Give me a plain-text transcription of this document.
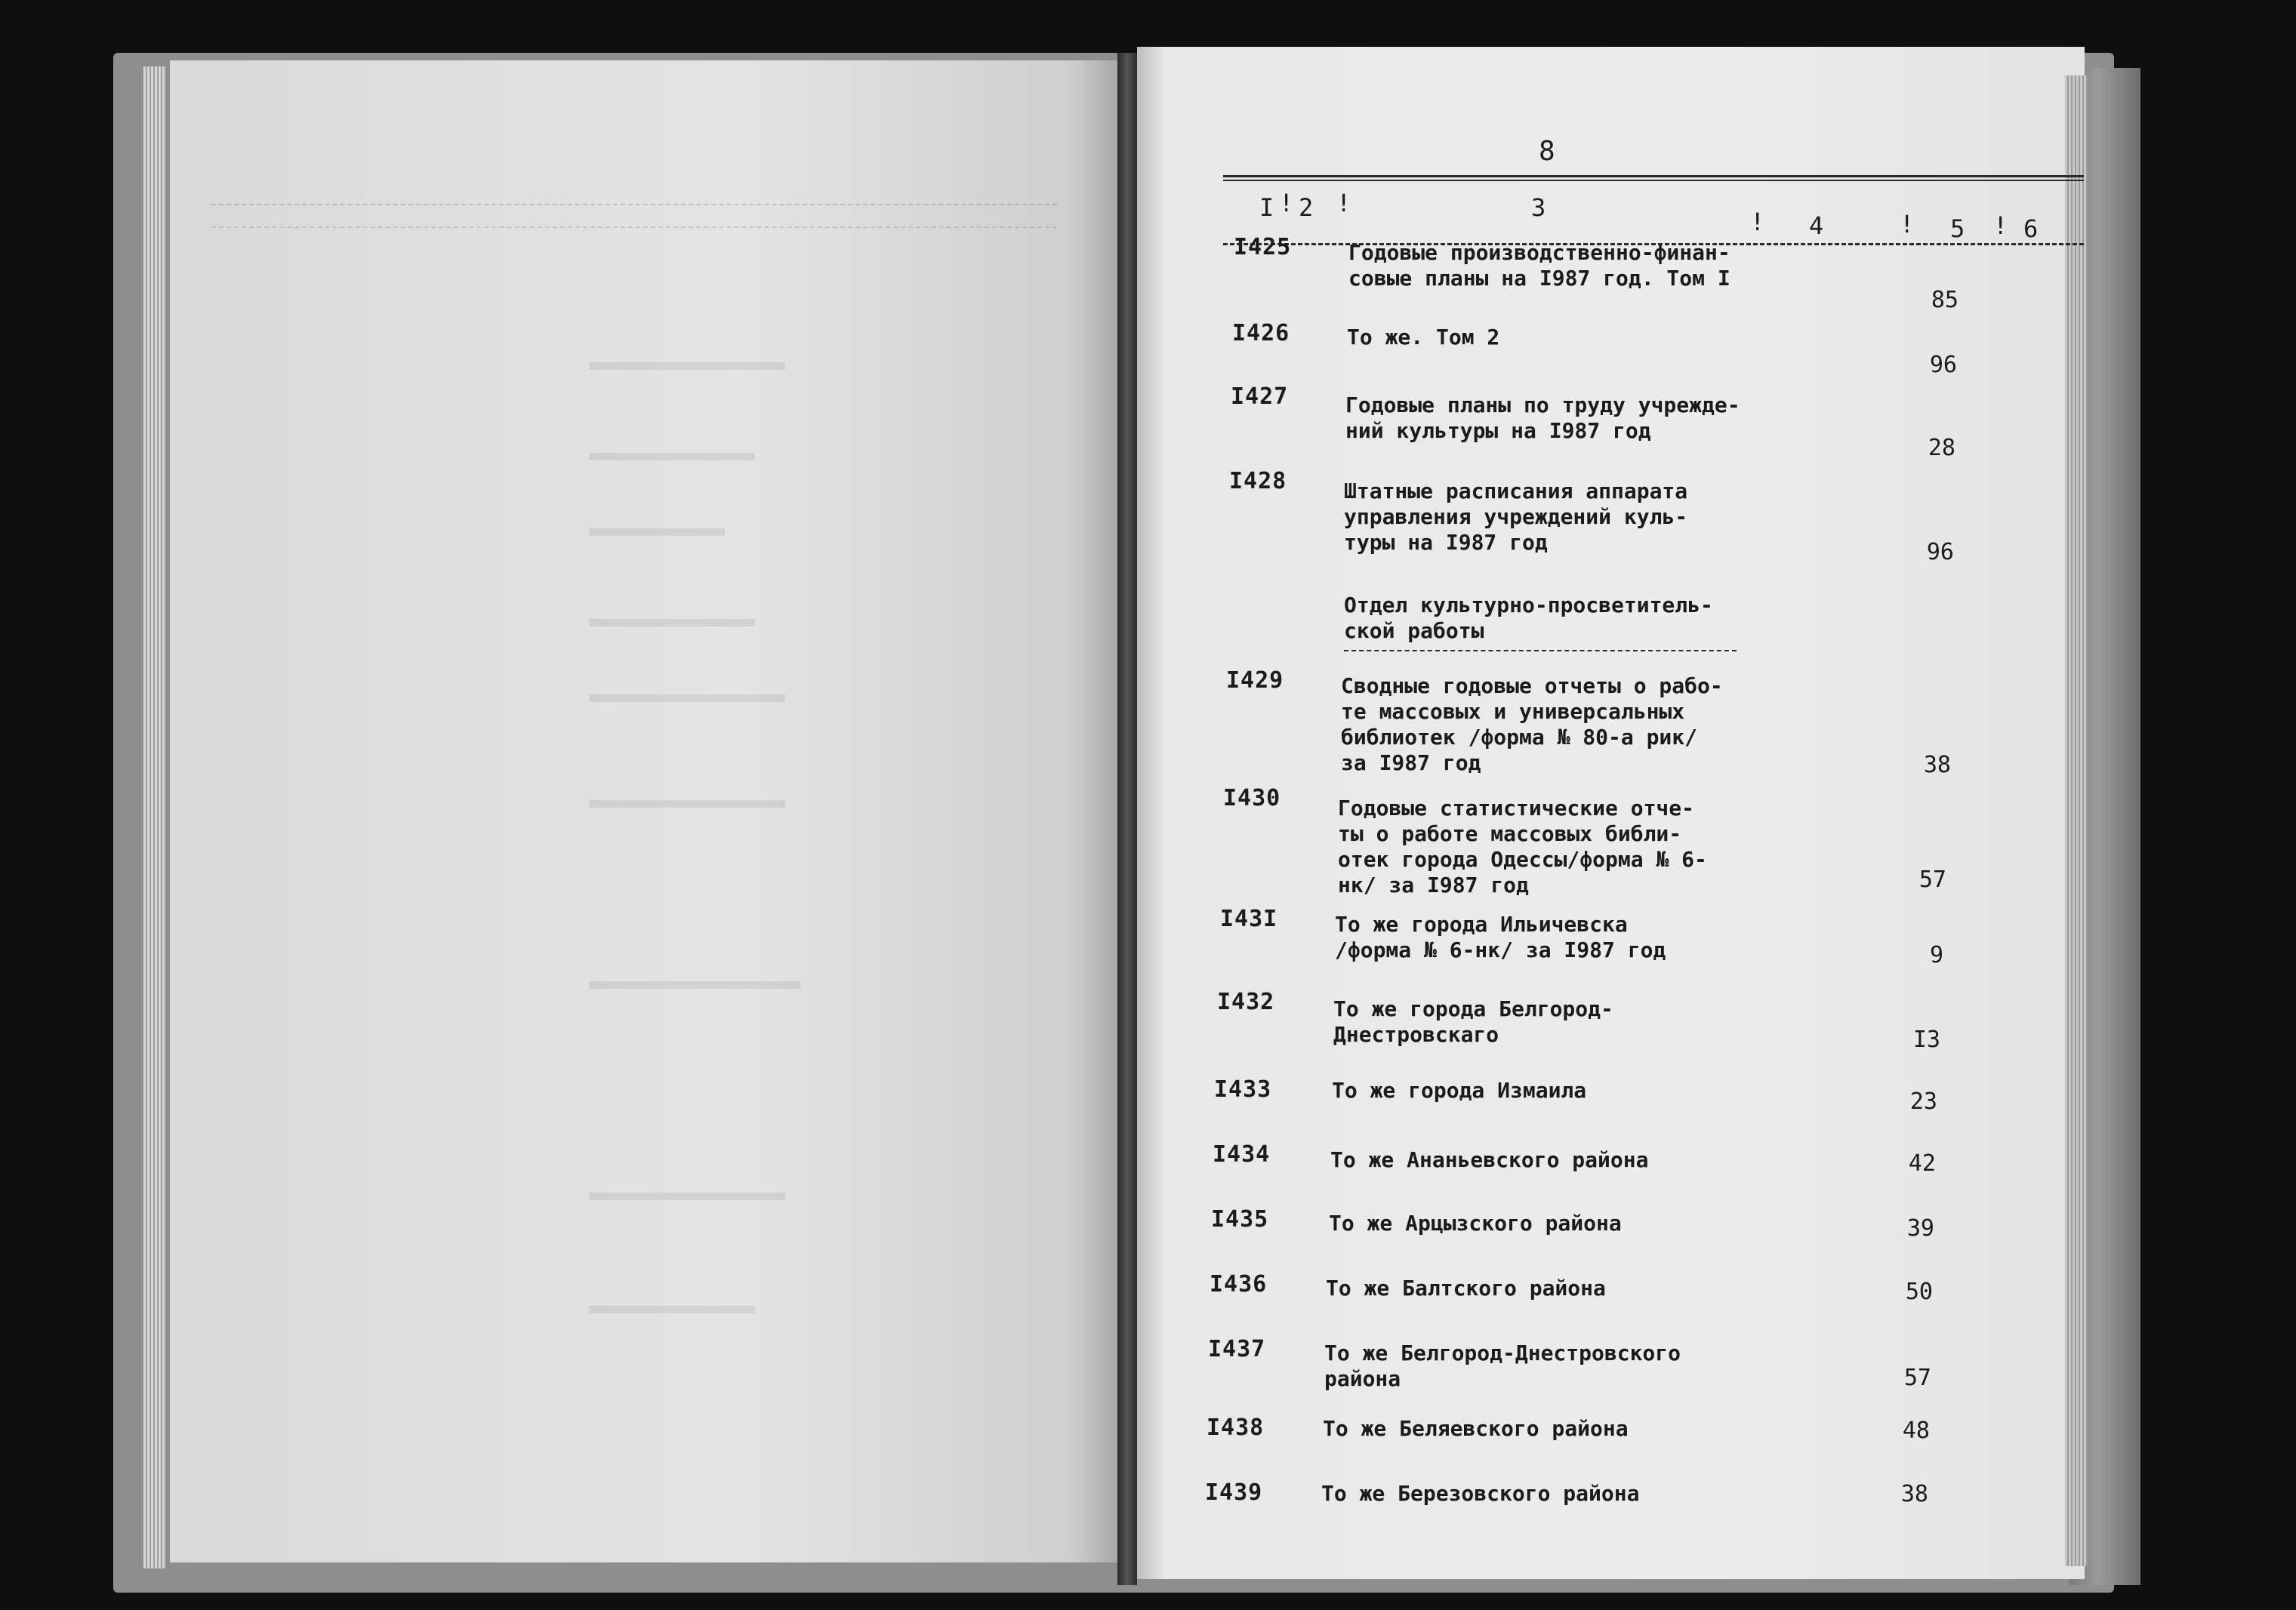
8
I ! 2 !	3	! 4	! 5 ! 6
I425	Годовые производственно-финан-
совые планы на I987 год. Том I
85
I426	То же. Том 2
96
I427	Годовые планы по труду учрежде-
ний культуры на I987 год
28
I428	Штатные расписания аппарата
управления учреждений куль-
туры на I987 год	96
Отдел культурно-просветитель-
ской работы
I429	Сводные годовые отчеты о рабо-
те массовых и универсальных
библиотек /форма № 80-а рик/
за I987 год	38
I430	Годовые статистические отче-
ты о работе массовых библи-
отек города Одессы/форма № 6-
нк/ за I987 год	57
I43I	То же города Ильичевска
/форма № 6-нк/ за I987 год	9
I432	То же города Белгород-
Днестровскаго	I3
I433	То же города Измаила	23
I434	То же Ананьевского района	42
I435	То же Арцызского района	39
I436	То же Балтского района	50
I437	То же Белгород-Днестровского
района	57
I438	То же Беляевского района	48
I439	То же Березовского района	38
